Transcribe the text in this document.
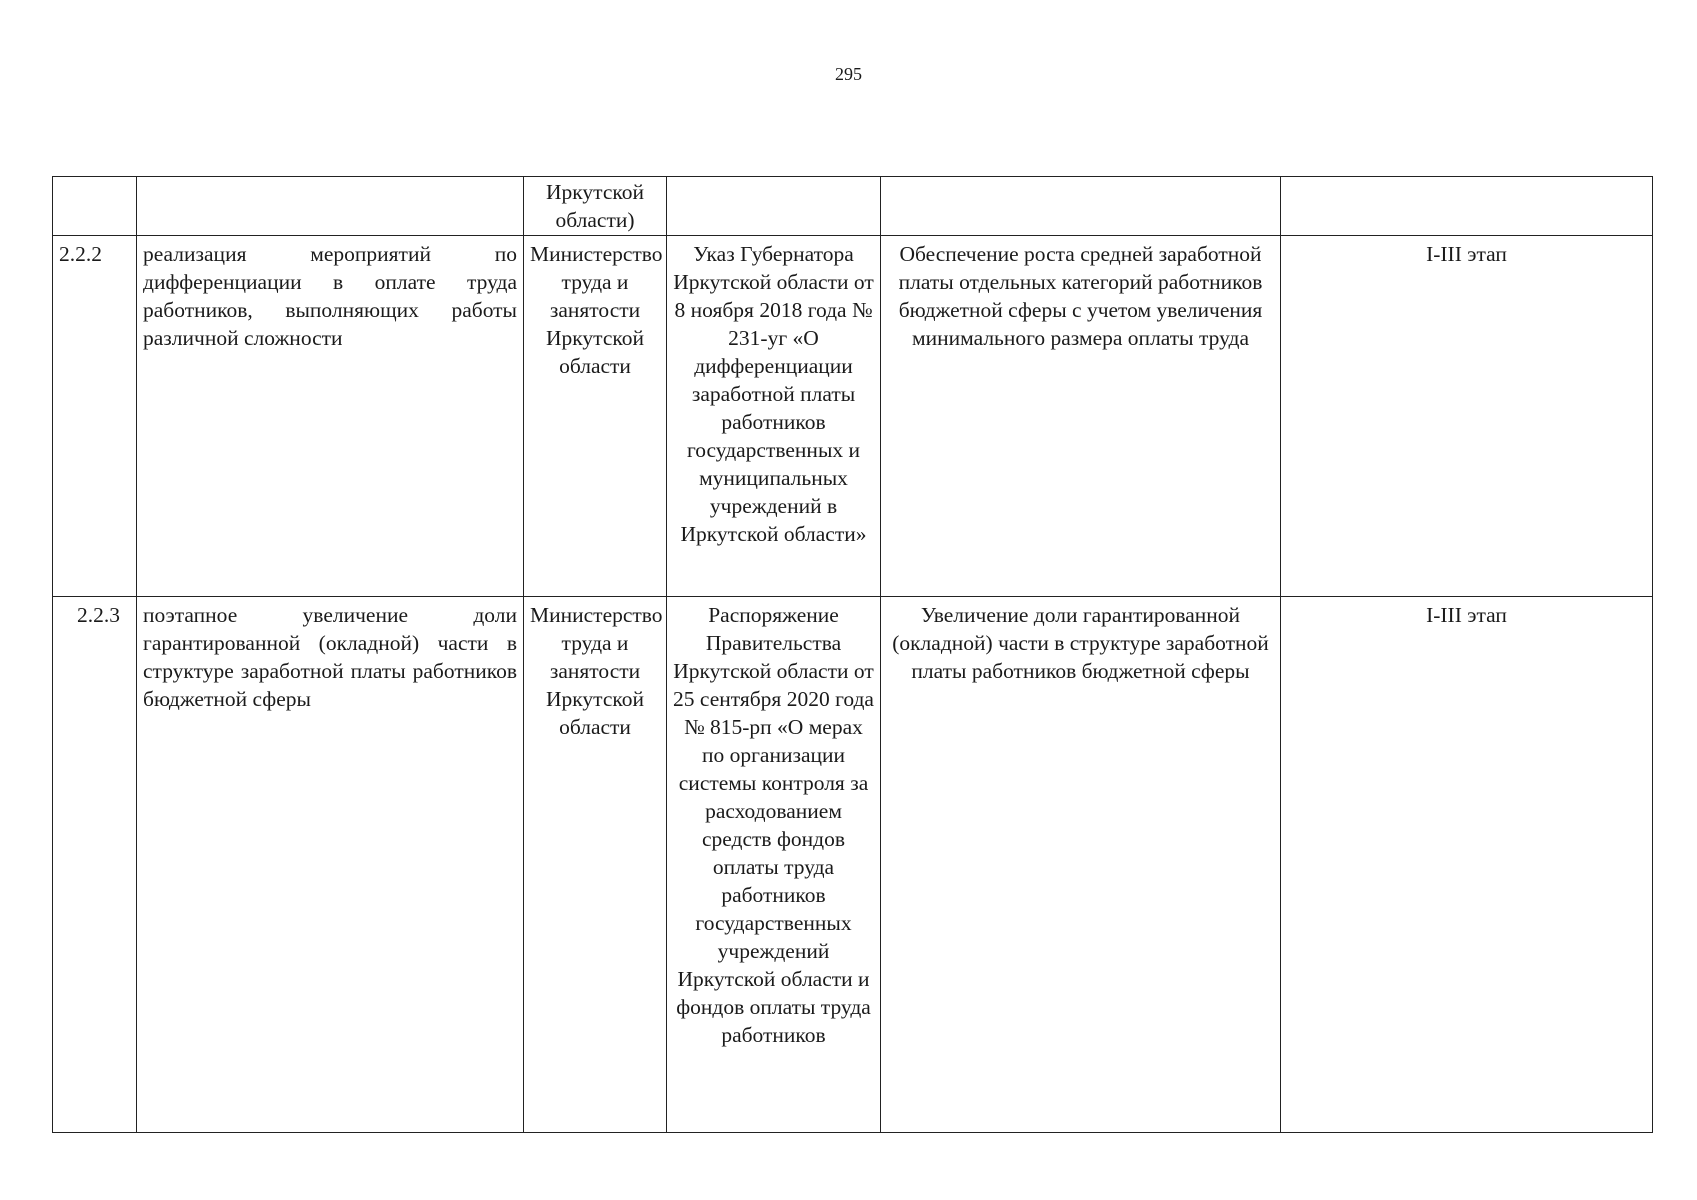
295
		Иркутской области)			
2.2.2	реализация мероприятий по дифференциации в оплате труда работников, выполняющих работы различной сложности	Министерство труда и занятости Иркутской области	Указ Губернатора Иркутской области от 8 ноября 2018 года № 231-уг «О дифференциации заработной платы работников государственных и муниципальных учреждений в Иркутской области»	Обеспечение роста средней заработной платы отдельных категорий работников бюджетной сферы с учетом увеличения минимального размера оплаты труда	I-III этап
2.2.3	поэтапное увеличение доли гарантированной (окладной) части в структуре заработной платы работников бюджетной сферы	Министерство труда и занятости Иркутской области	Распоряжение Правительства Иркутской области от 25 сентября 2020 года № 815-рп «О мерах по организации системы контроля за расходованием средств фондов оплаты труда работников государственных учреждений Иркутской области и фондов оплаты труда работников	Увеличение доли гарантированной (окладной) части в структуре заработной платы работников бюджетной сферы	I-III этап
